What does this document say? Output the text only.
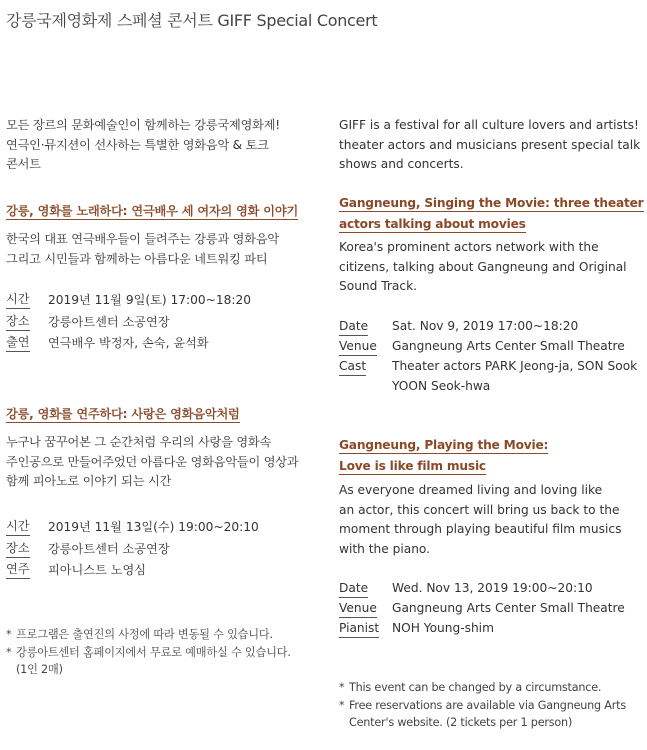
강릉국제영화제 스페셜 콘서트 GIFF Special Concert
모든 장르의 문화예술인이 함께하는 강릉국제영화제!
연극인·뮤지션이 선사하는 특별한 영화음악 & 토크
콘서트
강릉, 영화를 노래하다: 연극배우 세 여자의 영화 이야기
한국의 대표 연극배우들이 들려주는 강릉과 영화음악
그리고 시민들과 함께하는 아름다운 네트워킹 파티
시간 2019년 11월 9일(토) 17:00~18:20
장소 강릉아트센터 소공연장
출연 연극배우 박정자, 손숙, 윤석화
강릉, 영화를 연주하다: 사랑은 영화음악처럼
누구나 꿈꾸어본 그 순간처럼 우리의 사랑을 영화속
주인공으로 만들어주었던 아름다운 영화음악들이 영상과
함께 피아노로 이야기 되는 시간
시간 2019년 11월 13일(수) 19:00~20:10
장소 강릉아트센터 소공연장
연주 피아니스트 노영심
* 프로그램은 출연진의 사정에 따라 변동될 수 있습니다.
* 강릉아트센터 홈페이지에서 무료로 예매하실 수 있습니다.
(1인 2매)
GIFF is a festival for all culture lovers and artists!
theater actors and musicians present special talk
shows and concerts.
Gangneung, Singing the Movie: three theater
actors talking about movies
Korea's prominent actors network with the
citizens, talking about Gangneung and Original
Sound Track.
Date	Sat. Nov 9, 2019 17:00~18:20
Venue	Gangneung Arts Center Small Theatre
Cast	Theater actors PARK Jeong-ja, SON Sook YOON Seok-hwa
Gangneung, Playing the Movie:
Love is like film music
As everyone dreamed living and loving like
an actor, this concert will bring us back to the
moment through playing beautiful film musics
with the piano.
Date	Wed. Nov 13, 2019 19:00~20:10
Venue	Gangneung Arts Center Small Theatre
Pianist	NOH Young-shim
* This event can be changed by a circumstance.
* Free reservations are available via Gangneung Arts
Center's website. (2 tickets per 1 person)
